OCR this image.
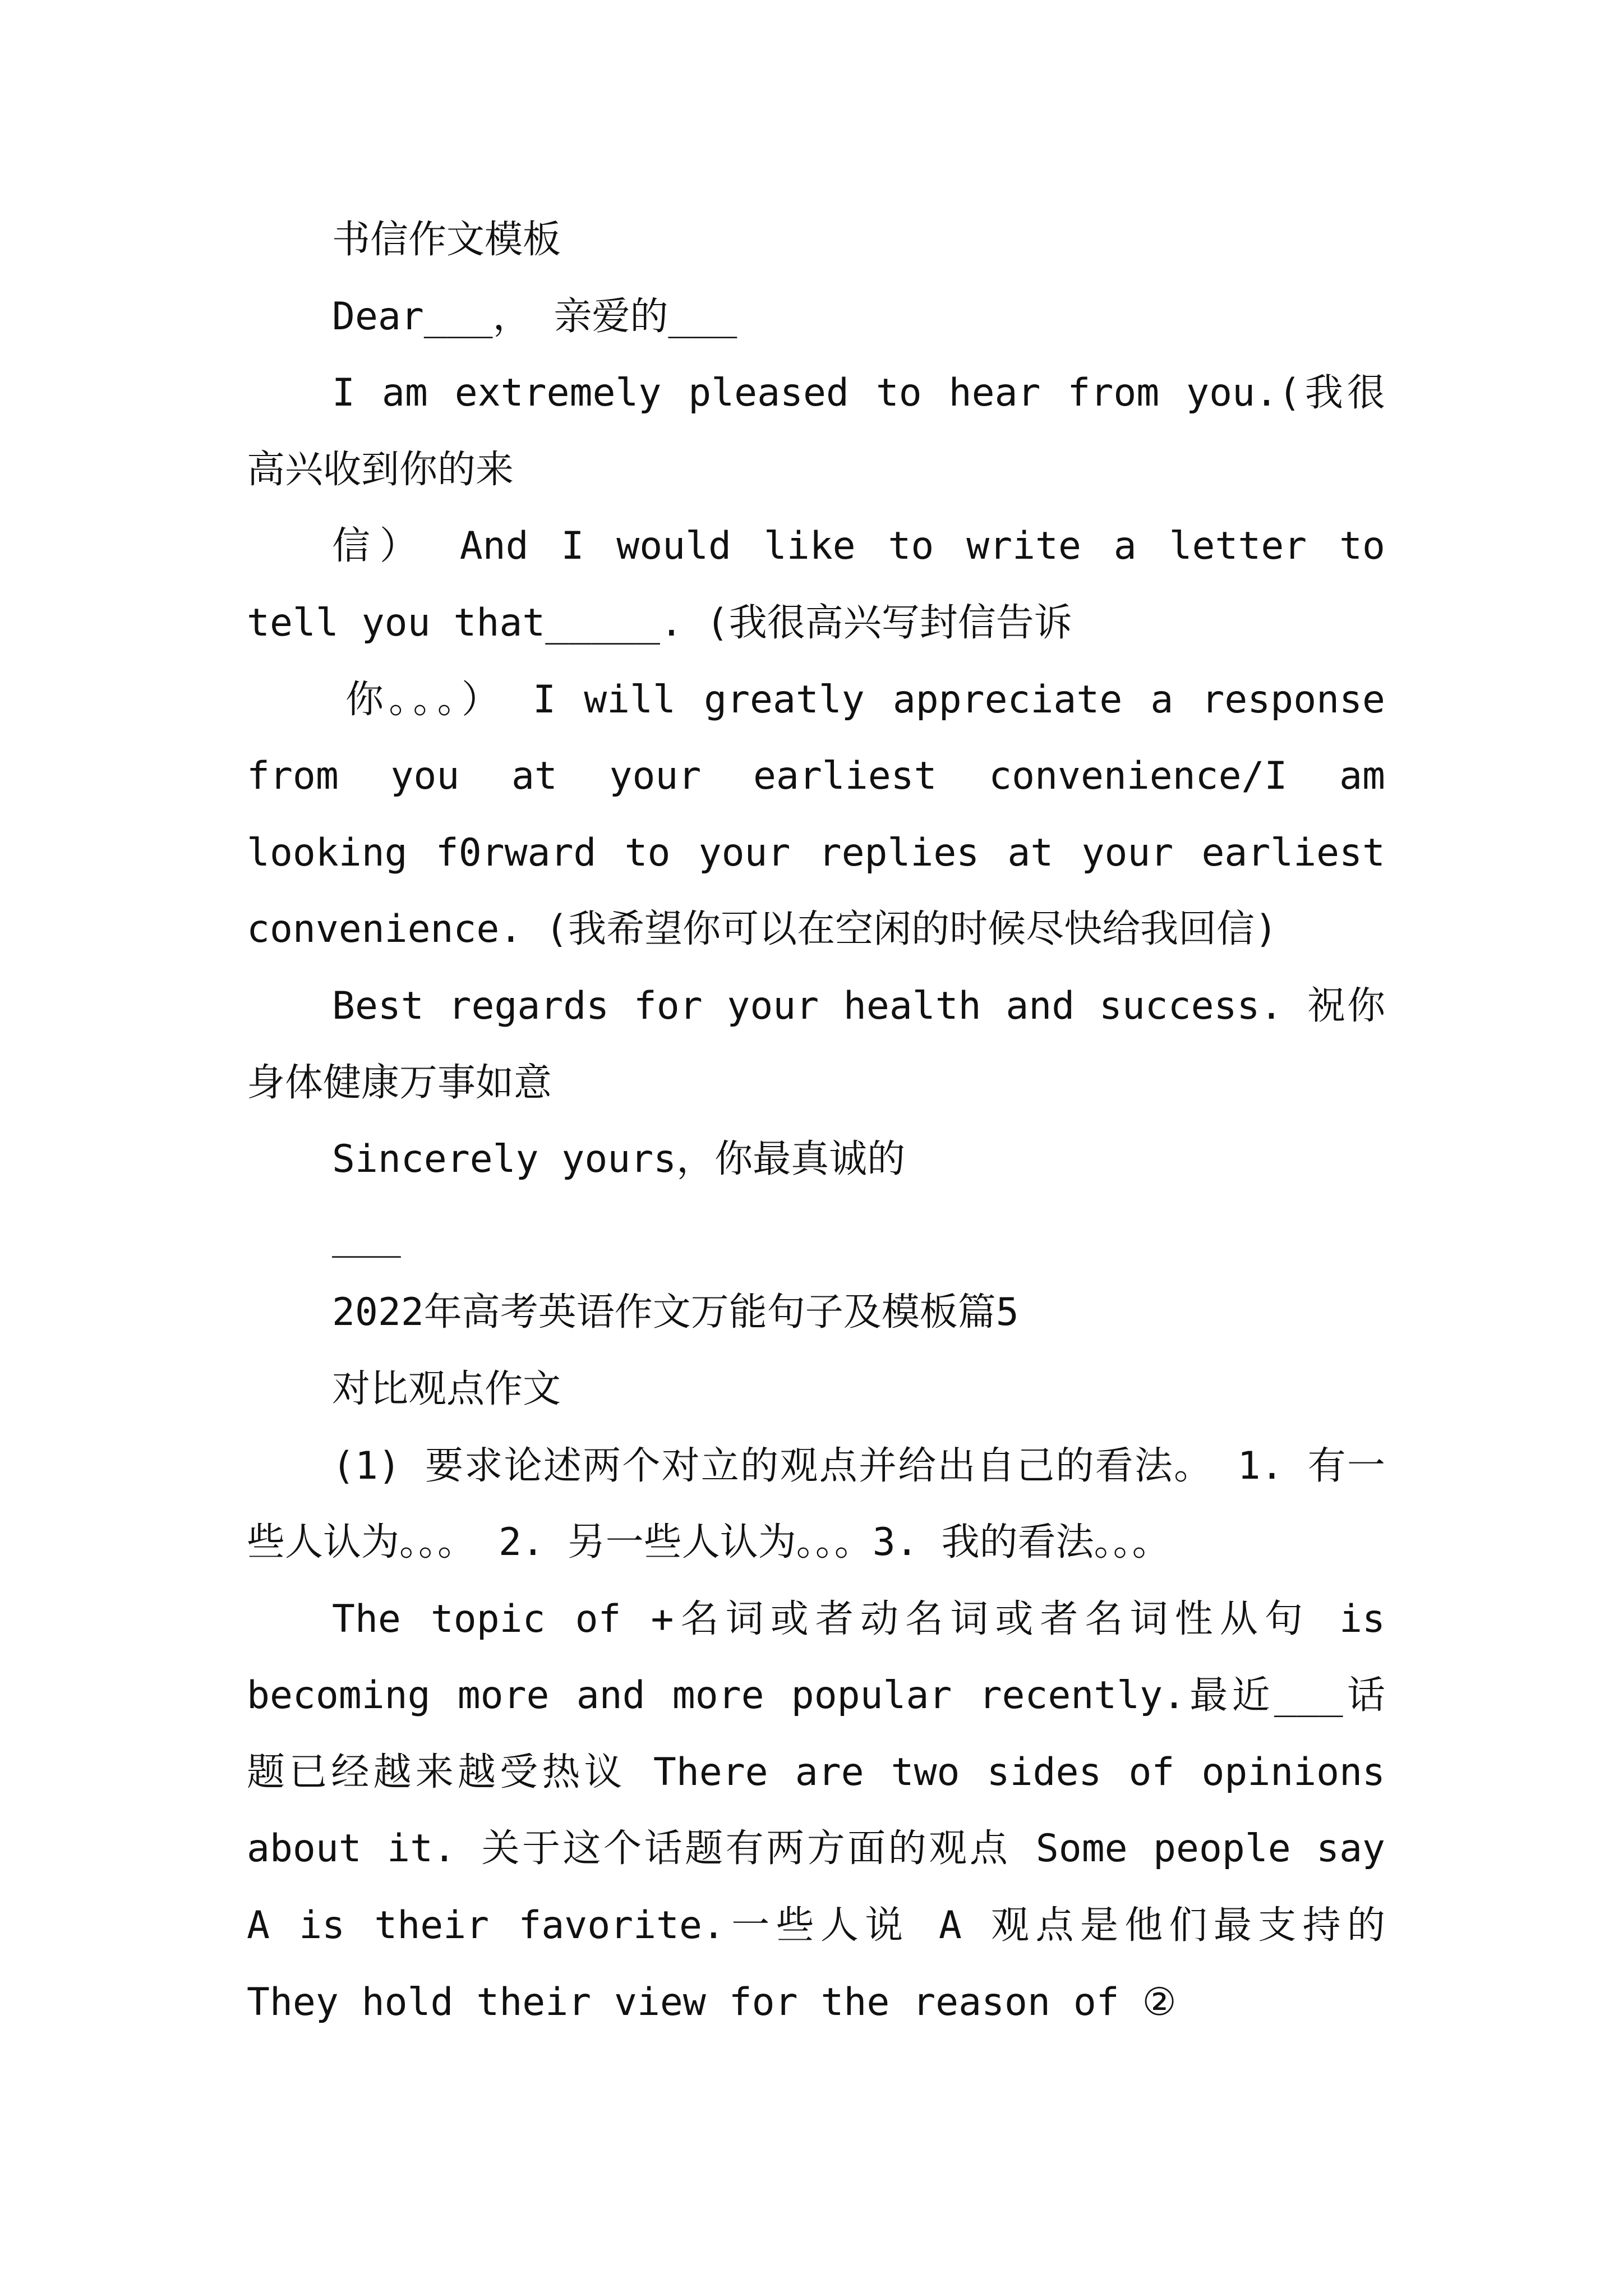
书信作文模板

Dear___， 亲爱的___

I am extremely pleased to hear from you.(我很高兴收到你的来

信） And I would like to write a letter to tell you that_____. (我很高兴写封信告诉

你。。。） I will greatly appreciate a response from you at your earliest convenience/I am looking f0rward to your replies at your earliest convenience. (我希望你可以在空闲的时候尽快给我回信)

Best regards for your health and success. 祝你身体健康万事如意

Sincerely yours，你最真诚的

___

2022年高考英语作文万能句子及模板篇5

对比观点作文

(1) 要求论述两个对立的观点并给出自己的看法。 1. 有一些人认为。。。 2. 另一些人认为。。。3. 我的看法。。。

The topic of +名词或者动名词或者名词性从句 is becoming more and more popular recently.最近___话题已经越来越受热议 There are two sides of opinions about it. 关于这个话题有两方面的观点 Some people say A is their favorite.一些人说 A 观点是他们最支持的 They hold their view for the reason of ②
